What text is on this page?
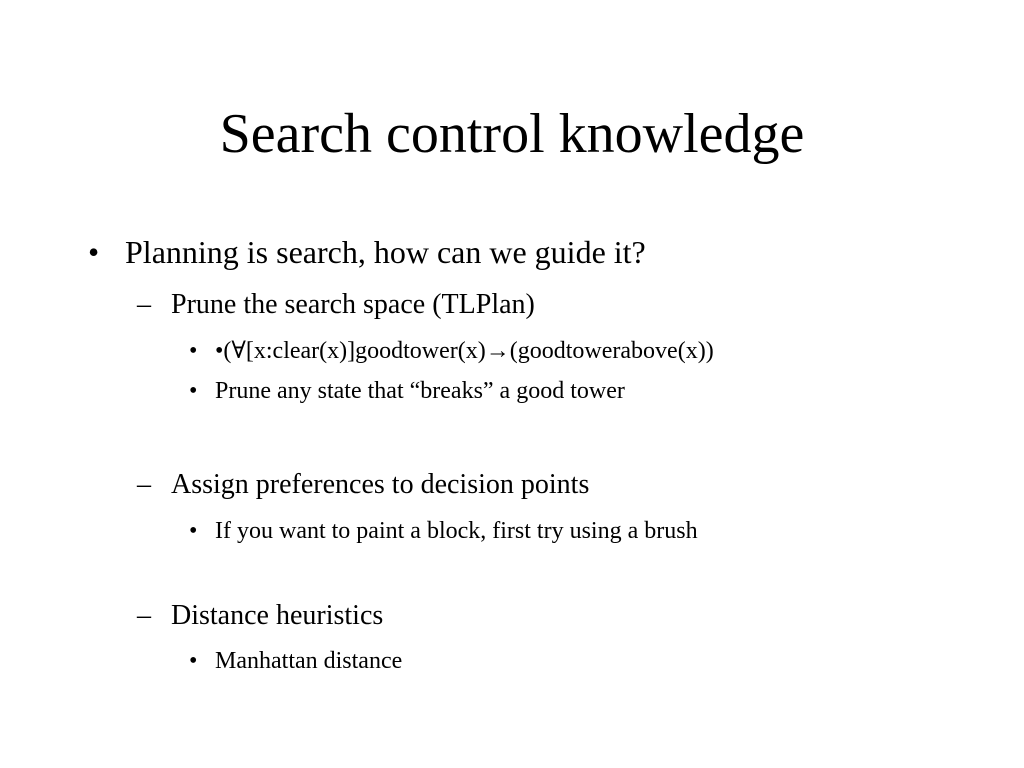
Search control knowledge
• Planning is search, how can we guide it?
– Prune the search space (TLPlan)
• •(∀[x:clear(x)]goodtower(x)→(goodtowerabove(x))
• Prune any state that “breaks” a good tower
– Assign preferences to decision points
• If you want to paint a block, first try using a brush
– Distance heuristics
• Manhattan distance
